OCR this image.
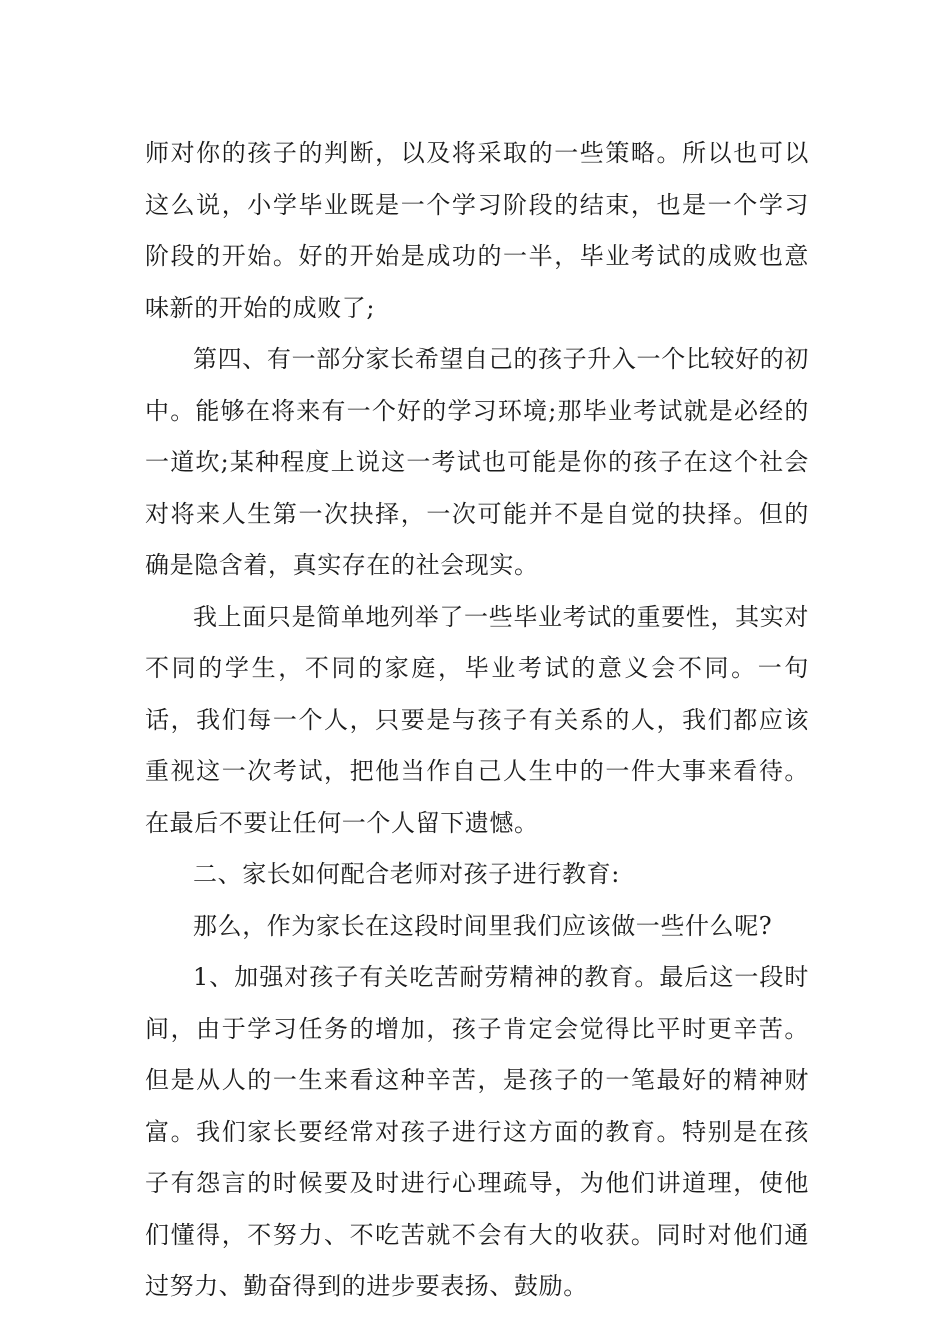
师对你的孩子的判断，以及将采取的一些策略。所以也可以这么说，小学毕业既是一个学习阶段的结束，也是一个学习阶段的开始。好的开始是成功的一半，毕业考试的成败也意味新的开始的成败了;

第四、有一部分家长希望自己的孩子升入一个比较好的初中。能够在将来有一个好的学习环境;那毕业考试就是必经的一道坎;某种程度上说这一考试也可能是你的孩子在这个社会对将来人生第一次抉择，一次可能并不是自觉的抉择。但的确是隐含着，真实存在的社会现实。

我上面只是简单地列举了一些毕业考试的重要性，其实对不同的学生，不同的家庭，毕业考试的意义会不同。一句话，我们每一个人，只要是与孩子有关系的人，我们都应该重视这一次考试，把他当作自己人生中的一件大事来看待。在最后不要让任何一个人留下遗憾。

二、家长如何配合老师对孩子进行教育:

那么，作为家长在这段时间里我们应该做一些什么呢?

1、加强对孩子有关吃苦耐劳精神的教育。最后这一段时间，由于学习任务的增加，孩子肯定会觉得比平时更辛苦。但是从人的一生来看这种辛苦，是孩子的一笔最好的精神财富。我们家长要经常对孩子进行这方面的教育。特别是在孩子有怨言的时候要及时进行心理疏导，为他们讲道理，使他们懂得，不努力、不吃苦就不会有大的收获。同时对他们通过努力、勤奋得到的进步要表扬、鼓励。
